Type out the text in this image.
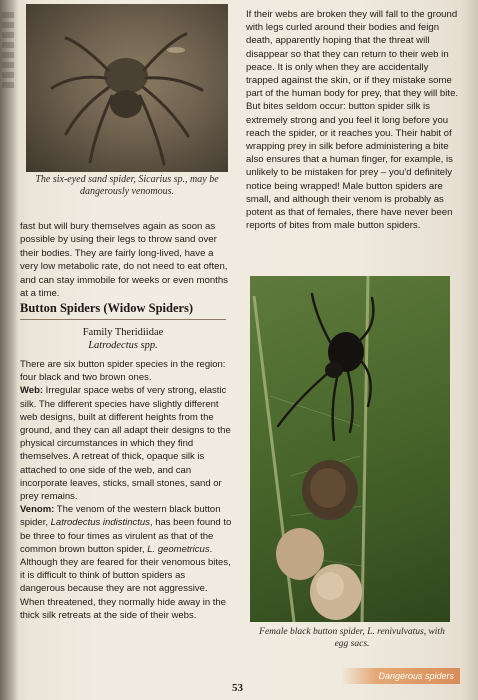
The six-eyed sand spider, Sicarius sp., may be dangerously venomous.

fast but will bury themselves again as soon as possible by using their legs to throw sand over their bodies. They are fairly long-lived, have a very low metabolic rate, do not need to eat often, and can stay immobile for weeks or even months at a time.

Button Spiders (Widow Spiders)
Family Theridiidae
Latrodectus spp.

There are six button spider species in the region: four black and two brown ones.

Web: Irregular space webs of very strong, elastic silk. The different species have slightly different web designs, built at different heights from the ground, and they can all adapt their designs to the physical circumstances in which they find themselves. A retreat of thick, opaque silk is attached to one side of the web, and can incorporate leaves, sticks, small stones, sand or prey remains.

Venom: The venom of the western black button spider, Latrodectus indistinctus, has been found to be three to four times as virulent as that of the common brown button spider, L. geometricus. Although they are feared for their venomous bites, it is difficult to think of button spiders as dangerous because they are not aggressive. When threatened, they normally hide away in the thick silk retreats at the side of their webs.

If their webs are broken they will fall to the ground with legs curled around their bodies and feign death, apparently hoping that the threat will disappear so that they can return to their web in peace. It is only when they are accidentally trapped against the skin, or if they mistake some part of the human body for prey, that they will bite. But bites seldom occur: button spider silk is extremely strong and you feel it long before you reach the spider, or it reaches you. Their habit of wrapping prey in silk before administering a bite also ensures that a human finger, for example, is unlikely to be mistaken for prey – you'd definitely notice being wrapped! Male button spiders are small, and although their venom is probably as potent as that of females, there have never been reports of bites from male button spiders.

Female black button spider, L. renivulvatus, with egg sacs.
53
Dangerous spiders
